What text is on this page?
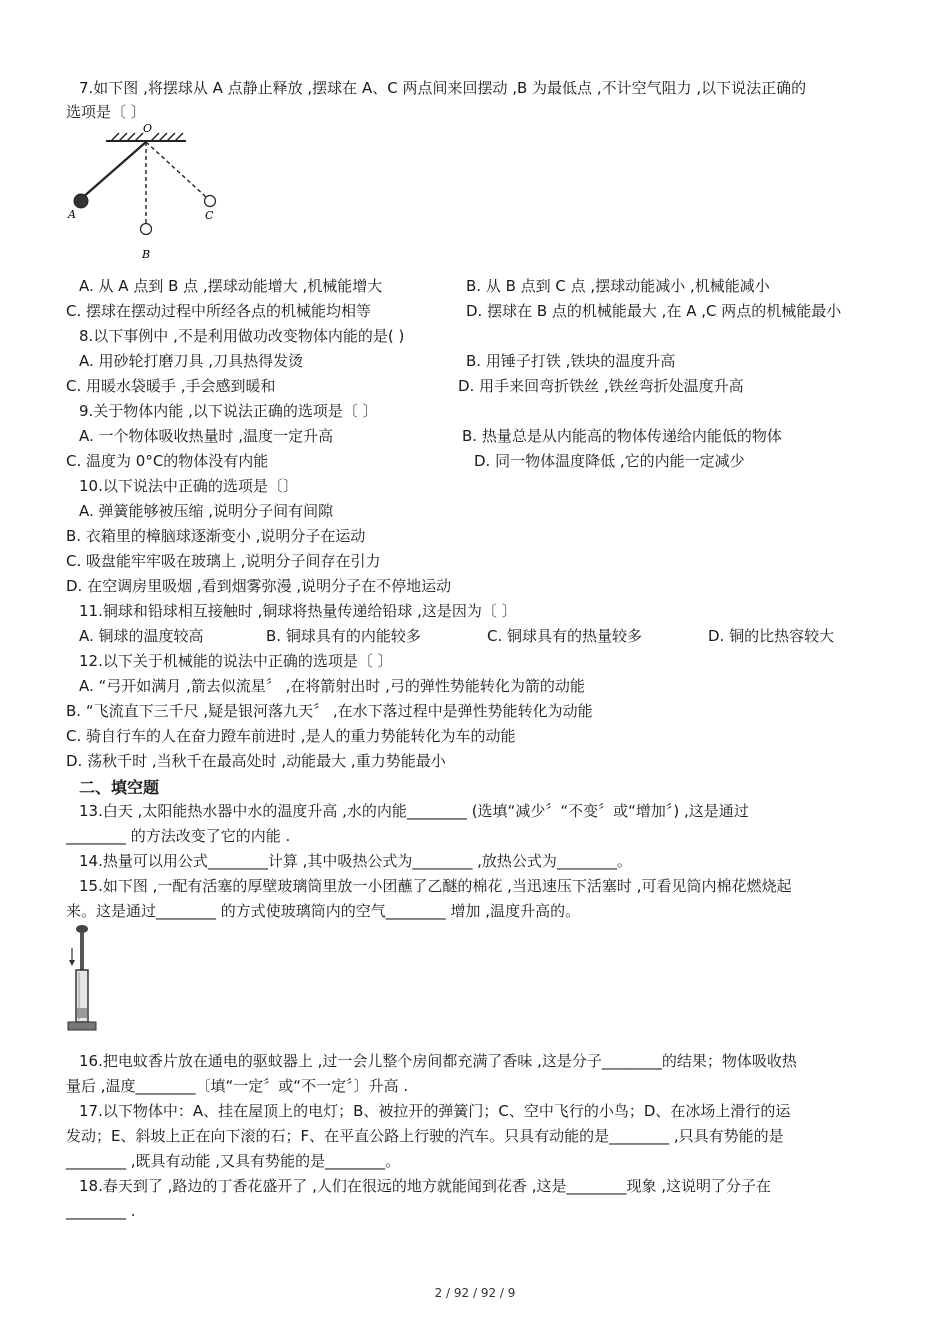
7.如下图 ,将摆球从 A 点静止释放 ,摆球在 A、C 两点间来回摆动 ,B 为最低点 ,不计空气阻力 ,以下说法正确的
选项是〔 〕
O
A
B
C
A. 从 A 点到 B 点 ,摆球动能增大 ,机械能增大	B. 从 B 点到 C 点 ,摆球动能减小 ,机械能减小
C. 摆球在摆动过程中所经各点的机械能均相等	D. 摆球在 B 点的机械能最大 ,在 A ,C 两点的机械能最小
8.以下事例中 ,不是利用做功改变物体内能的是( )
A. 用砂轮打磨刀具 ,刀具热得发烫	B. 用锤子打铁 ,铁块的温度升高
C. 用暖水袋暖手 ,手会感到暖和	D. 用手来回弯折铁丝 ,铁丝弯折处温度升高
9.关于物体内能 ,以下说法正确的选项是〔 〕
A. 一个物体吸收热量时 ,温度一定升高	B. 热量总是从内能高的物体传递给内能低的物体
C. 温度为 0°C的物体没有内能	D. 同一物体温度降低 ,它的内能一定减少
10.以下说法中正确的选项是〔〕
A. 弹簧能够被压缩 ,说明分子间有间隙
B. 衣箱里的樟脑球逐渐变小 ,说明分子在运动
C. 吸盘能牢牢吸在玻璃上 ,说明分子间存在引力
D. 在空调房里吸烟 ,看到烟雾弥漫 ,说明分子在不停地运动
11.铜球和铅球相互接触时 ,铜球将热量传递给铅球 ,这是因为〔 〕
A. 铜球的温度较高	B. 铜球具有的内能较多	C. 铜球具有的热量较多	D. 铜的比热容较大
12.以下关于机械能的说法中正确的选项是〔 〕
A. “弓开如满月 ,箭去似流星〞 ,在将箭射出时 ,弓的弹性势能转化为箭的动能
B. “飞流直下三千尺 ,疑是银河落九天〞 ,在水下落过程中是弹性势能转化为动能
C. 骑自行车的人在奋力蹬车前进时 ,是人的重力势能转化为车的动能
D. 荡秋千时 ,当秋千在最高处时 ,动能最大 ,重力势能最小
二、填空题
13.白天 ,太阳能热水器中水的温度升高 ,水的内能________ (选填“减少〞“不变〞或“增加〞) ,这是通过
________ 的方法改变了它的内能 .
14.热量可以用公式________计算 ,其中吸热公式为________ ,放热公式为________。
15.如下图 ,一配有活塞的厚壁玻璃筒里放一小团蘸了乙醚的棉花 ,当迅速压下活塞时 ,可看见筒内棉花燃烧起
来。这是通过________ 的方式使玻璃筒内的空气________ 增加 ,温度升高的。
16.把电蚊香片放在通电的驱蚊器上 ,过一会儿整个房间都充满了香味 ,这是分子________的结果；物体吸收热
量后 ,温度________〔填“一定〞或“不一定〞〕升高 .
17.以下物体中：A、挂在屋顶上的电灯；B、被拉开的弹簧门；C、空中飞行的小鸟；D、在冰场上滑行的运
发动；E、斜坡上正在向下滚的石；F、在平直公路上行驶的汽车。只具有动能的是________ ,只具有势能的是
________ ,既具有动能 ,又具有势能的是________。
18.春天到了 ,路边的丁香花盛开了 ,人们在很远的地方就能闻到花香 ,这是________现象 ,这说明了分子在
________ .
2 / 92 / 92 / 9
